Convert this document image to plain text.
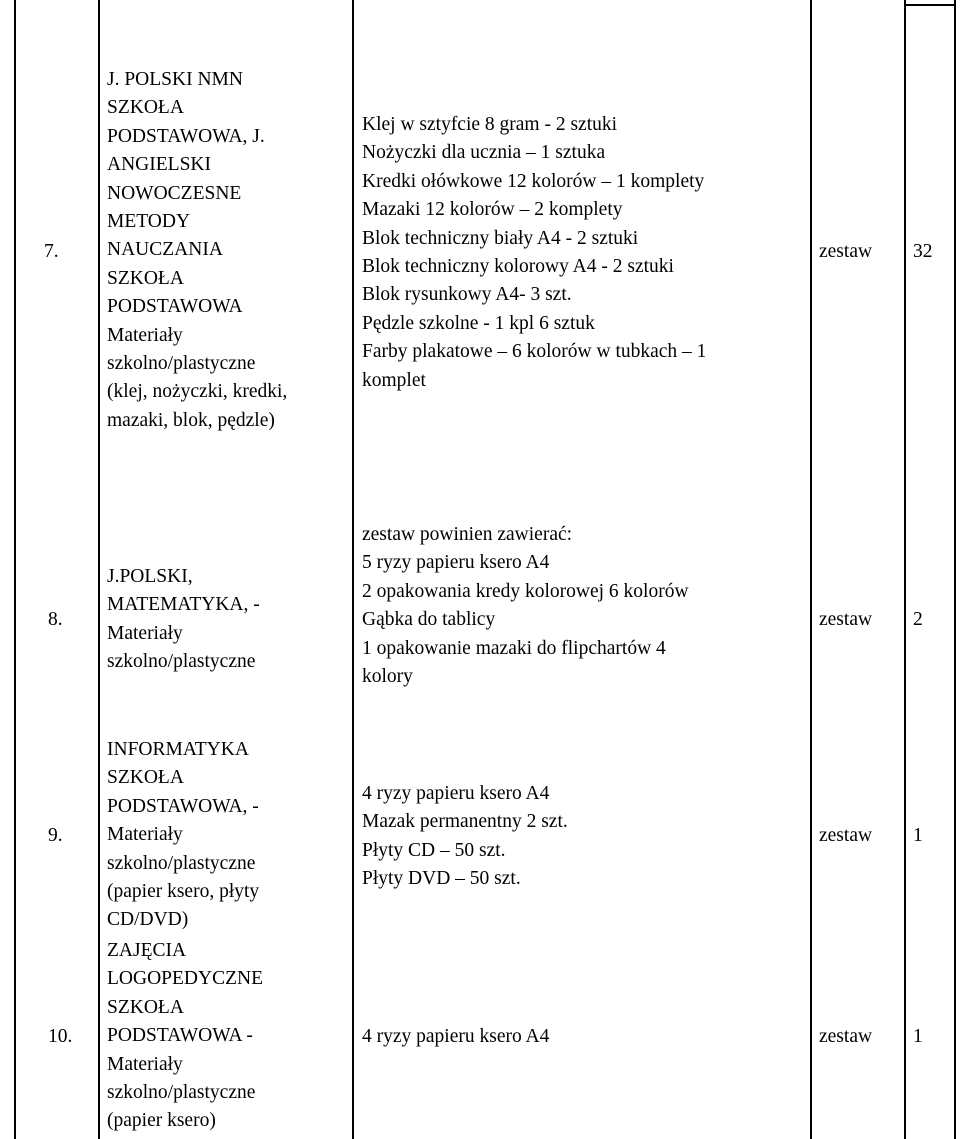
7.
J. POLSKI NMN
SZKOŁA
PODSTAWOWA, J.
ANGIELSKI
NOWOCZESNE
METODY
NAUCZANIA
SZKOŁA
PODSTAWOWA
Materiały
szkolno/plastyczne
(klej, nożyczki, kredki,
mazaki, blok, pędzle)
Klej w sztyfcie 8 gram - 2 sztuki
Nożyczki dla ucznia – 1 sztuka
Kredki ołówkowe 12 kolorów – 1 komplety
Mazaki 12 kolorów – 2 komplety
Blok techniczny biały A4 - 2 sztuki
Blok techniczny kolorowy A4 - 2 sztuki
Blok rysunkowy A4- 3 szt.
Pędzle szkolne - 1 kpl 6 sztuk
Farby plakatowe – 6 kolorów w tubkach – 1
komplet
zestaw 32
8.
J.POLSKI,
MATEMATYKA, -
Materiały
szkolno/plastyczne
zestaw powinien zawierać:
5 ryzy papieru ksero A4
2 opakowania kredy kolorowej 6 kolorów
Gąbka do tablicy
1 opakowanie mazaki do flipchartów 4
kolory
zestaw 2
9.
INFORMATYKA
SZKOŁA
PODSTAWOWA, -
Materiały
szkolno/plastyczne
(papier ksero, płyty
CD/DVD)
4 ryzy papieru ksero A4
Mazak permanentny 2 szt.
Płyty CD – 50 szt.
Płyty DVD – 50 szt.
zestaw 1
10.
ZAJĘCIA
LOGOPEDYCZNE
SZKOŁA
PODSTAWOWA -
Materiały
szkolno/plastyczne
(papier ksero)
4 ryzy papieru ksero A4	zestaw 1
